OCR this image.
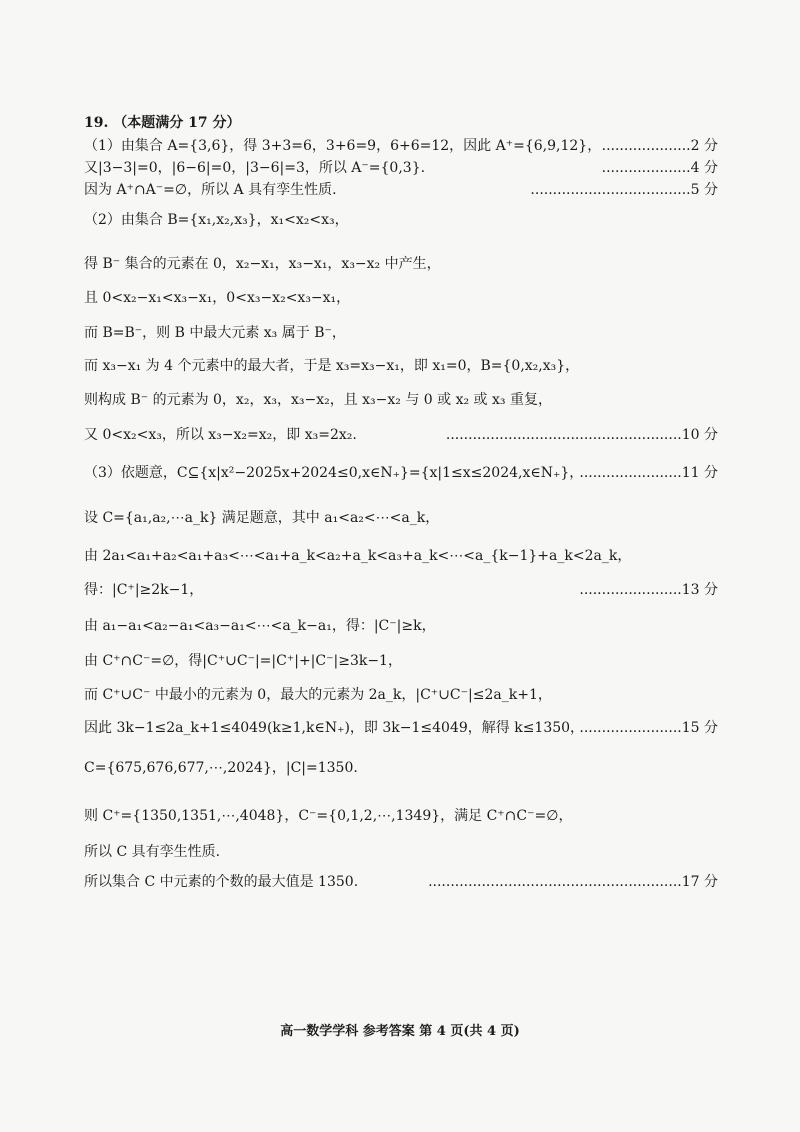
19. （本题满分 17 分）
（1）由集合 A={3,6}，得 3+3=6，3+6=9，6+6=12，因此 A⁺={6,9,12}， ....................2 分
又|3−3|=0，|6−6|=0，|3−6|=3，所以 A⁻={0,3}.	....................4 分
因为 A⁺∩A⁻=∅，所以 A 具有孪生性质.	....................................5 分
（2）由集合 B={x₁,x₂,x₃}，x₁<x₂<x₃，
得 B⁻ 集合的元素在 0，x₂−x₁，x₃−x₁，x₃−x₂ 中产生，
且 0<x₂−x₁<x₃−x₁，0<x₃−x₂<x₃−x₁，
而 B=B⁻，则 B 中最大元素 x₃ 属于 B⁻，
而 x₃−x₁ 为 4 个元素中的最大者，于是 x₃=x₃−x₁，即 x₁=0，B={0,x₂,x₃}，
则构成 B⁻ 的元素为 0，x₂，x₃，x₃−x₂，且 x₃−x₂ 与 0 或 x₂ 或 x₃ 重复，
又 0<x₂<x₃，所以 x₃−x₂=x₂，即 x₃=2x₂.	.....................................................10 分
（3）依题意，C⊆{x|x²−2025x+2024≤0,x∈N₊}={x|1≤x≤2024,x∈N₊}，
.......................11 分
设 C={a₁,a₂,⋯a_k} 满足题意，其中 a₁<a₂<⋯<a_k，
由 2a₁<a₁+a₂<a₁+a₃<⋯<a₁+a_k<a₂+a_k<a₃+a_k<⋯<a_{k−1}+a_k<2a_k，
得：|C⁺|≥2k−1，	.......................13 分
由 a₁−a₁<a₂−a₁<a₃−a₁<⋯<a_k−a₁，得：|C⁻|≥k，
由 C⁺∩C⁻=∅，得|C⁺∪C⁻|=|C⁺|+|C⁻|≥3k−1，
而 C⁺∪C⁻ 中最小的元素为 0，最大的元素为 2a_k，|C⁺∪C⁻|≤2a_k+1，
因此 3k−1≤2a_k+1≤4049(k≥1,k∈N₊)，即 3k−1≤4049，解得 k≤1350，
.......................15 分
C={675,676,677,⋯,2024}，|C|=1350.
则 C⁺={1350,1351,⋯,4048}，C⁻={0,1,2,⋯,1349}，满足 C⁺∩C⁻=∅，
所以 C 具有孪生性质.
所以集合 C 中元素的个数的最大值是 1350.	.........................................................17 分
高一数学学科 参考答案 第 4 页(共 4 页)
